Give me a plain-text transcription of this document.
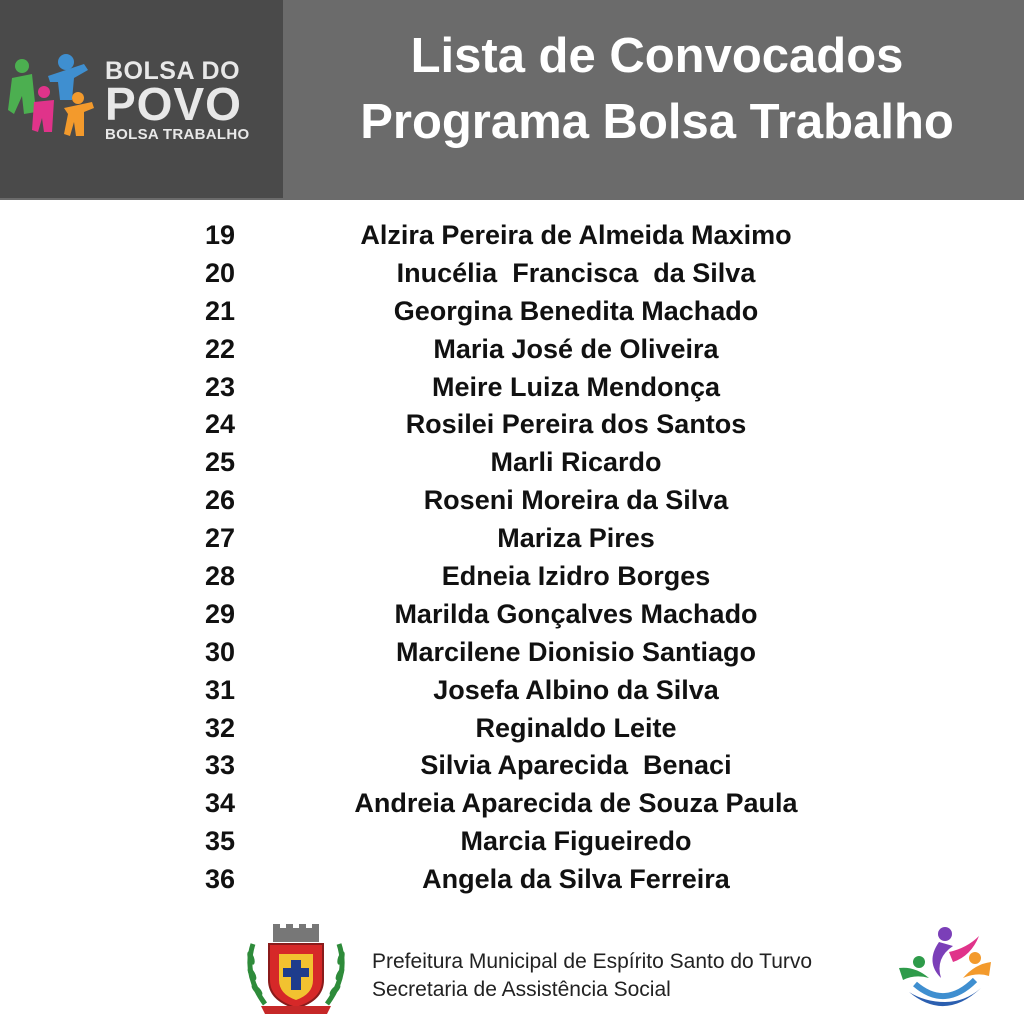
BOLSA DO
POVO
BOLSA TRABALHO
Lista de Convocados
Programa Bolsa Trabalho
19	Alzira Pereira de Almeida Maximo
20	Inucélia  Francisca  da Silva
21	Georgina Benedita Machado
22	Maria José de Oliveira
23	Meire Luiza Mendonça
24	Rosilei Pereira dos Santos
25	Marli Ricardo
26	Roseni Moreira da Silva
27	Mariza Pires
28	Edneia Izidro Borges
29	Marilda Gonçalves Machado
30	Marcilene Dionisio Santiago
31	Josefa Albino da Silva
32	Reginaldo Leite
33	Silvia Aparecida  Benaci
34	Andreia Aparecida de Souza Paula
35	Marcia Figueiredo
36	Angela da Silva Ferreira
Prefeitura Municipal de Espírito Santo do Turvo
Secretaria de Assistência Social
